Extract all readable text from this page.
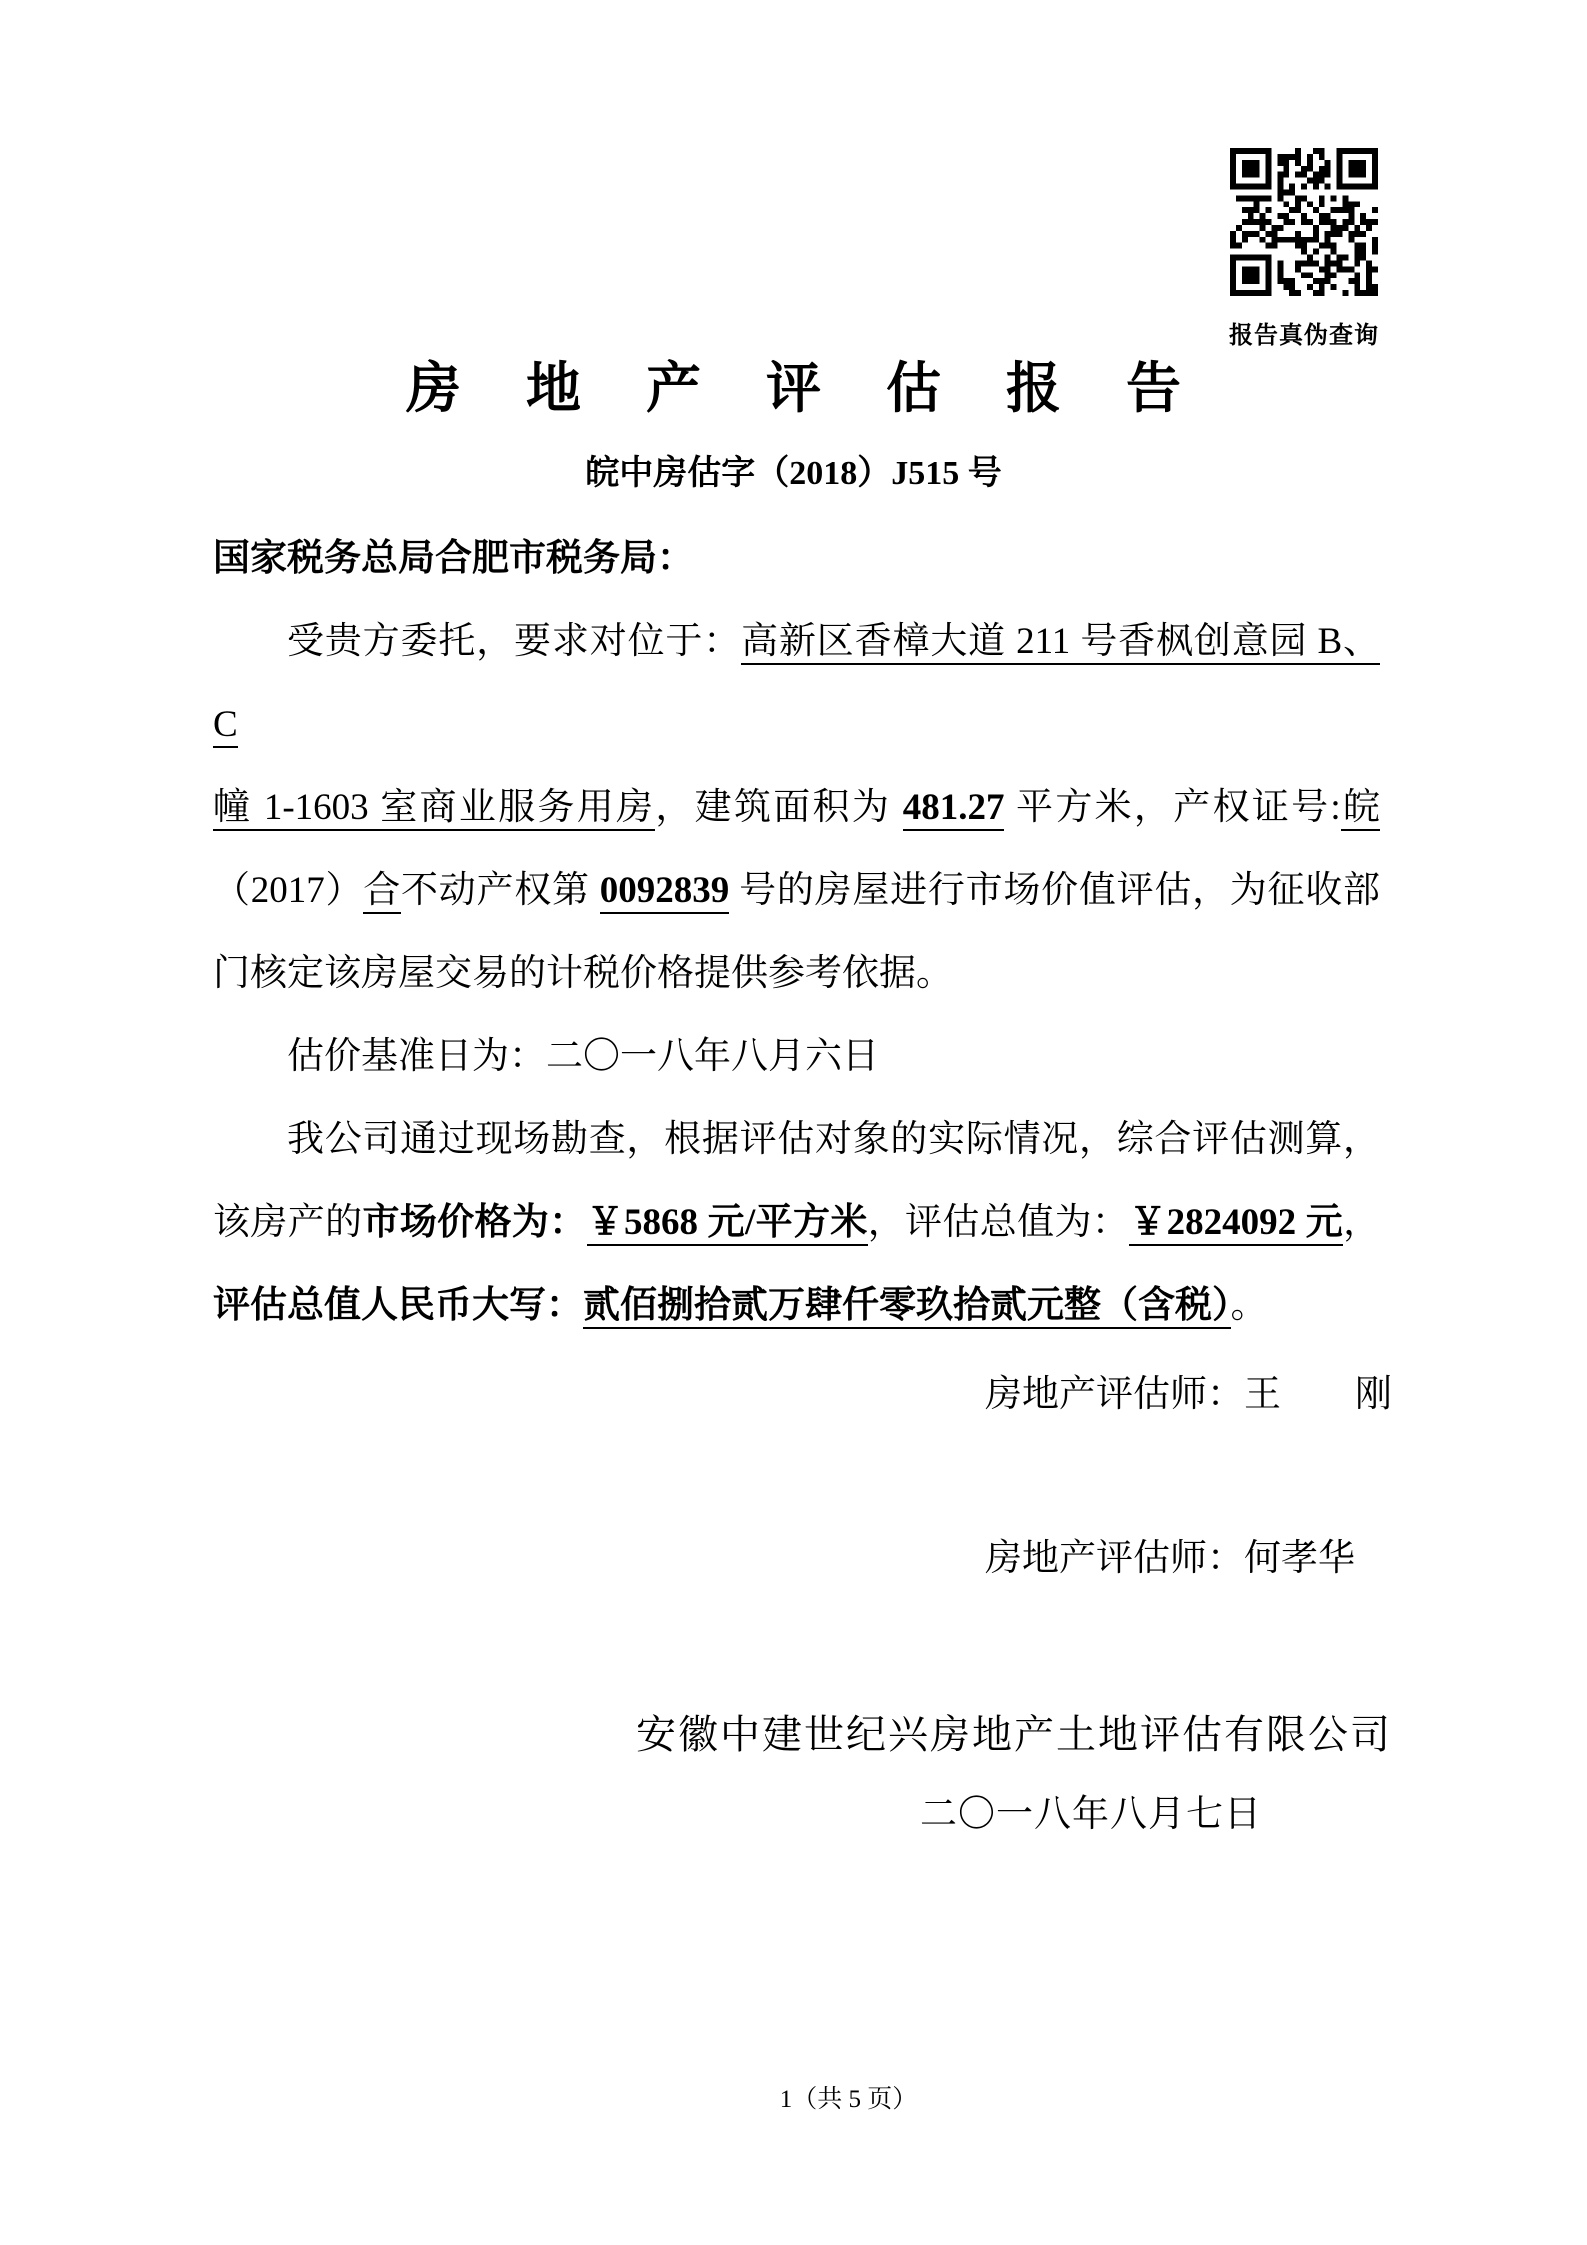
报告真伪查询
房地产评估报告
皖中房估字（2018）J515 号
国家税务总局合肥市税务局：
受贵方委托，要求对位于：高新区香樟大道 211 号香枫创意园 B、C
幢 1-1603 室商业服务用房，建筑面积为 481.27 平方米，产权证号:皖
（2017）合不动产权第 0092839 号的房屋进行市场价值评估，为征收部
门核定该房屋交易的计税价格提供参考依据。
估价基准日为：二〇一八年八月六日
我公司通过现场勘查，根据评估对象的实际情况，综合评估测算，
该房产的市场价格为：￥5868 元/平方米，评估总值为：￥2824092 元，
评估总值人民币大写：贰佰捌拾贰万肆仟零玖拾贰元整（含税）。
房地产评估师：王　　刚
房地产评估师：何孝华
安徽中建世纪兴房地产土地评估有限公司
二〇一八年八月七日
1（共 5 页）
